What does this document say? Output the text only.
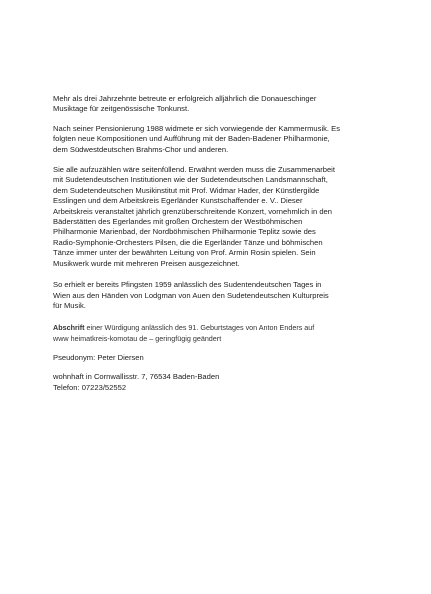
Mehr als drei Jahrzehnte betreute er erfolgreich alljährlich die Donaueschinger
Musiktage für zeitgenössische Tonkunst.

Nach seiner Pensionierung 1988 widmete er sich vorwiegende der Kammermusik. Es
folgten neue Kompositionen und Aufführung mit der Baden-Badener Philharmonie,
dem Südwestdeutschen Brahms-Chor und anderen.

Sie alle aufzuzählen wäre seitenfüllend. Erwähnt werden muss die Zusammenarbeit
mit Sudetendeutschen Institutionen wie der Sudetendeutschen Landsmannschaft,
dem Sudetendeutschen Musikinstitut mit Prof. Widmar Hader, der Künstlergilde
Esslingen und dem Arbeitskreis Egerländer Kunstschaffender e. V.. Dieser
Arbeitskreis veranstaltet jährlich grenzüberschreitende Konzert, vornehmlich in den
Bäderstätten des Egerlandes mit großen Orchestern der Westböhmischen
Philharmonie Marienbad, der Nordböhmischen Philharmonie Teplitz sowie des
Radio-Symphonie-Orchesters Pilsen, die die Egerländer Tänze und böhmischen
Tänze immer unter der bewährten Leitung von Prof. Armin Rosin spielen. Sein
Musikwerk wurde mit mehreren Preisen ausgezeichnet.

So erhielt er bereits Pfingsten 1959 anlässlich des Sudentendeutschen Tages in
Wien aus den Händen von Lodgman von Auen den Sudetendeutschen Kulturpreis
für Musik.

Abschrift einer Würdigung anlässlich des 91. Geburtstages von Anton Enders auf
www heimatkreis-komotau de – geringfügig geändert

Pseudonym: Peter Diersen

wohnhaft in Cornwallisstr. 7, 76534 Baden-Baden
Telefon: 07223/52552
